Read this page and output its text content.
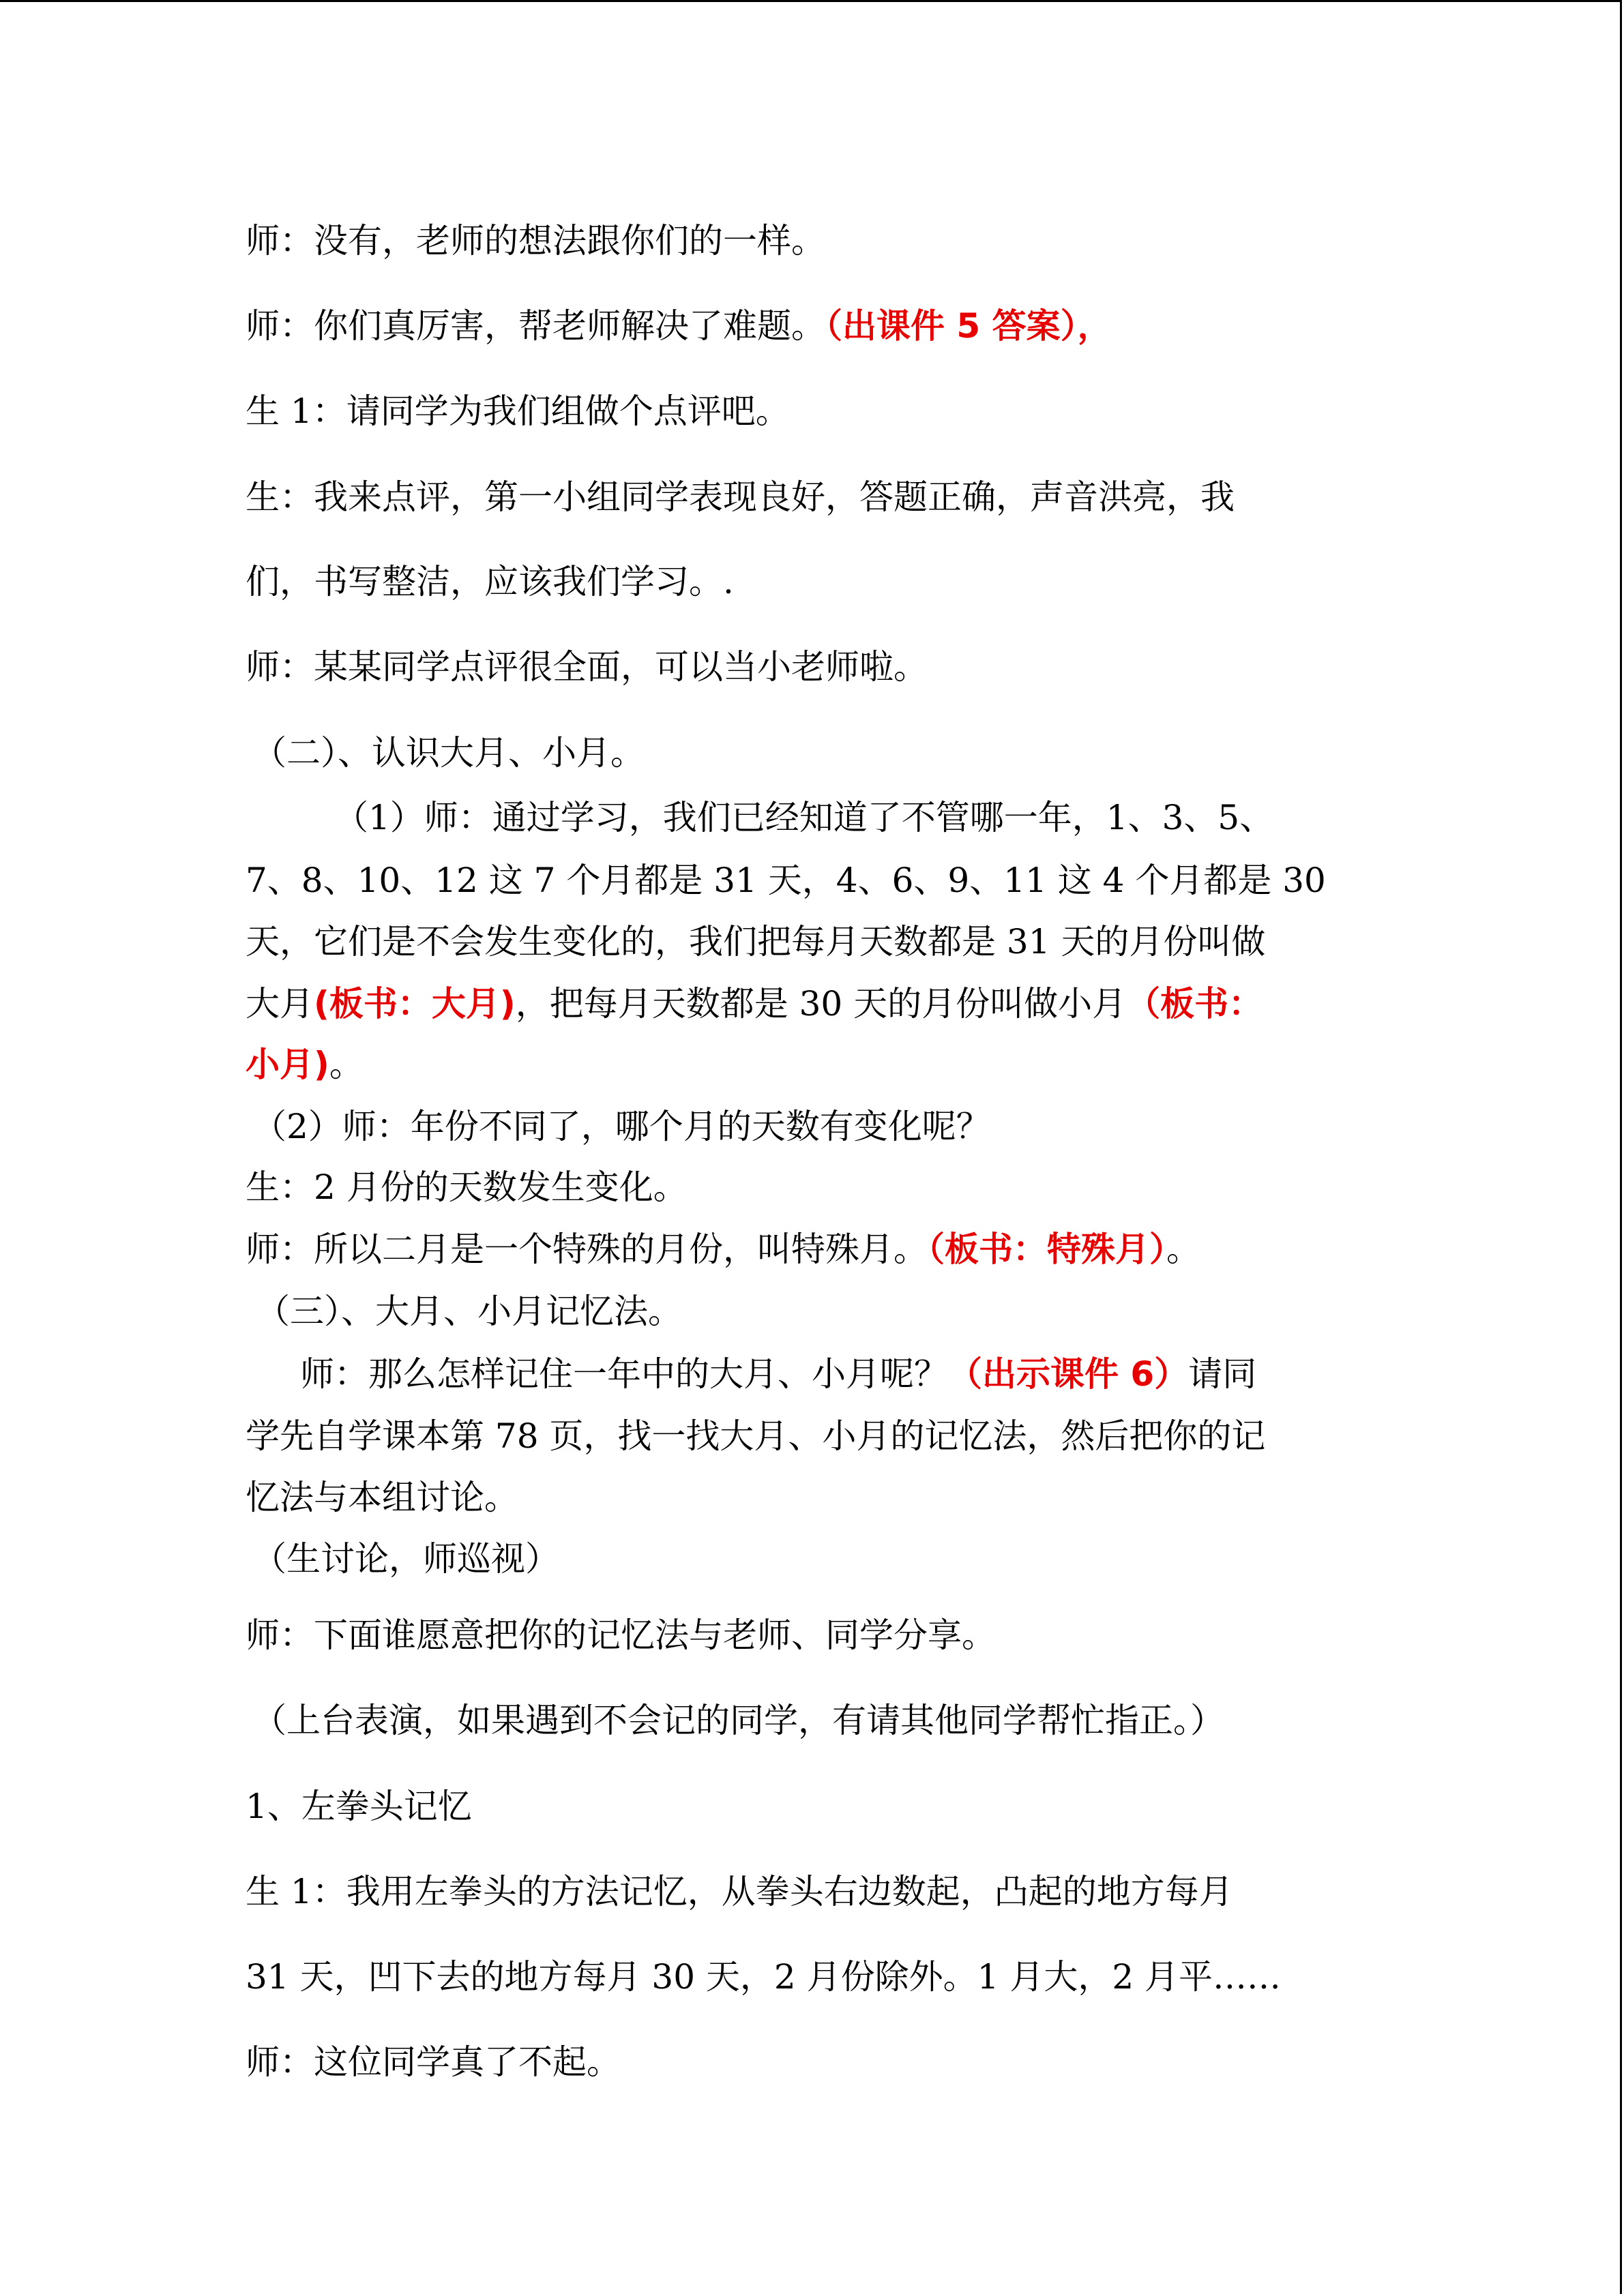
师：没有，老师的想法跟你们的一样。
师：你们真厉害，帮老师解决了难题。（出课件 5 答案），
生 1：请同学为我们组做个点评吧。
生：我来点评，第一小组同学表现良好，答题正确，声音洪亮，我
们，书写整洁，应该我们学习。.
师：某某同学点评很全面，可以当小老师啦。
（二）、认识大月、小月。
（1）师：通过学习，我们已经知道了不管哪一年，1、3、5、
7、8、10、12 这 7 个月都是 31 天，4、6、9、11 这 4 个月都是 30
天，它们是不会发生变化的，我们把每月天数都是 31 天的月份叫做
大月(板书：大月)，把每月天数都是 30 天的月份叫做小月（板书：
小月)。
（2）师：年份不同了，哪个月的天数有变化呢？
生：2 月份的天数发生变化。
师：所以二月是一个特殊的月份，叫特殊月。（板书：特殊月）。
（三）、大月、小月记忆法。
师：那么怎样记住一年中的大月、小月呢？（出示课件 6）请同
学先自学课本第 78 页，找一找大月、小月的记忆法，然后把你的记
忆法与本组讨论。
（生讨论，师巡视）
师：下面谁愿意把你的记忆法与老师、同学分享。
（上台表演，如果遇到不会记的同学，有请其他同学帮忙指正。）
1、左拳头记忆
生 1：我用左拳头的方法记忆，从拳头右边数起，凸起的地方每月
31 天，凹下去的地方每月 30 天，2 月份除外。1 月大，2 月平……
师：这位同学真了不起。
